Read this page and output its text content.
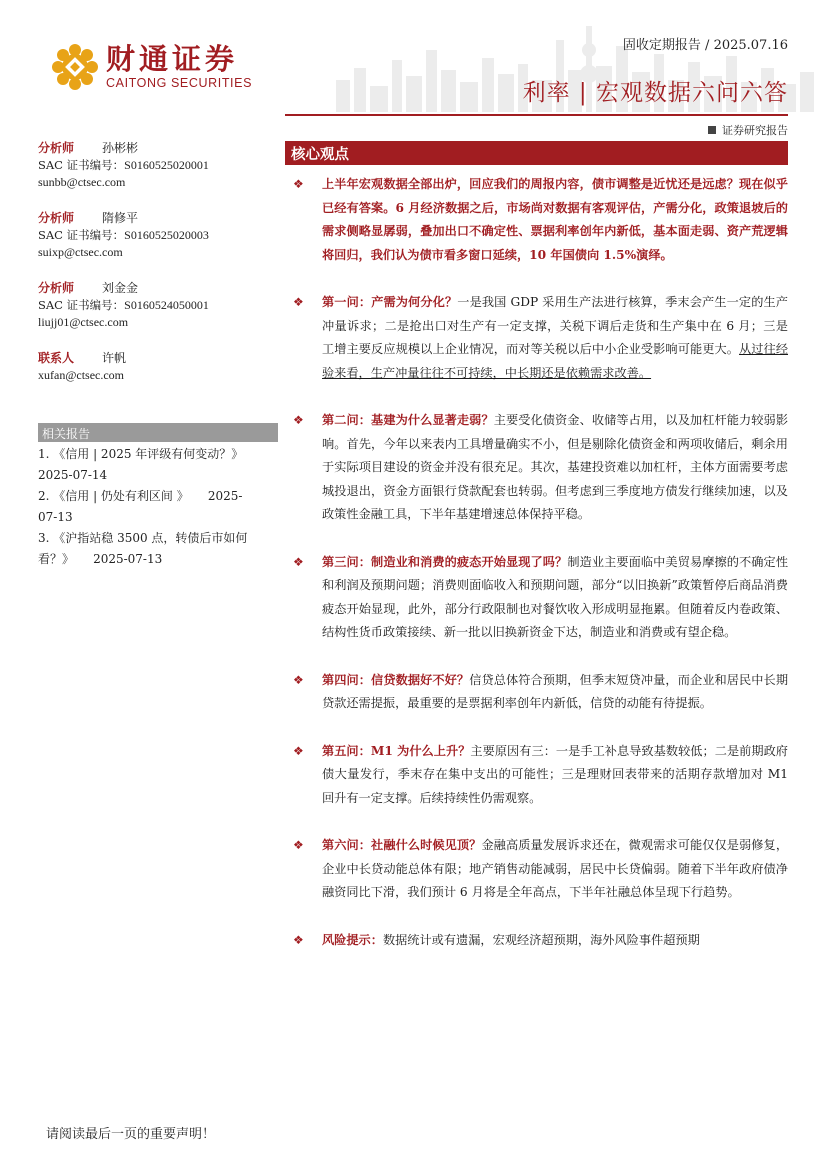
财通证券
CAITONG SECURITIES
固收定期报告 / 2025.07.16
利率 | 宏观数据六问六答
证券研究报告
分析师 孙彬彬
SAC 证书编号：S0160525020001
sunbb@ctsec.com
分析师 隋修平
SAC 证书编号：S0160525020003
suixp@ctsec.com
分析师 刘金金
SAC 证书编号：S0160524050001
liujj01@ctsec.com
联系人 许帆
xufan@ctsec.com
相关报告
1. 《信用 | 2025 年评级有何变动？》
2025-07-14
2. 《信用 | 仍处有利区间 》     2025-
07-13
3. 《沪指站稳 3500 点，转债后市如何
看？》     2025-07-13
核心观点
❖ 上半年宏观数据全部出炉，回应我们的周报内容，债市调整是近忧还是远虑？现在似乎已经有答案。6 月经济数据之后，市场尚对数据有客观评估，产需分化，政策退坡后的需求侧略显孱弱，叠加出口不确定性、票据利率创年内新低，基本面走弱、资产荒逻辑将回归，我们认为债市看多窗口延续，10 年国债向 1.5%演绎。
❖ 第一问：产需为何分化？一是我国 GDP 采用生产法进行核算，季末会产生一定的生产冲量诉求；二是抢出口对生产有一定支撑，关税下调后走货和生产集中在 6 月；三是工增主要反应规模以上企业情况，而对等关税以后中小企业受影响可能更大。从过往经验来看，生产冲量往往不可持续，中长期还是依赖需求改善。
❖ 第二问：基建为什么显著走弱？主要受化债资金、收储等占用，以及加杠杆能力较弱影响。首先，今年以来表内工具增量确实不小，但是剔除化债资金和两项收储后，剩余用于实际项目建设的资金并没有很充足。其次，基建投资难以加杠杆，主体方面需要考虑城投退出，资金方面银行贷款配套也转弱。但考虑到三季度地方债发行继续加速，以及政策性金融工具，下半年基建增速总体保持平稳。
❖ 第三问：制造业和消费的疲态开始显现了吗？制造业主要面临中美贸易摩擦的不确定性和利润及预期问题；消费则面临收入和预期问题，部分“以旧换新”政策暂停后商品消费疲态开始显现，此外，部分行政限制也对餐饮收入形成明显拖累。但随着反内卷政策、结构性货币政策接续、新一批以旧换新资金下达，制造业和消费或有望企稳。
❖ 第四问：信贷数据好不好？信贷总体符合预期，但季末短贷冲量，而企业和居民中长期贷款还需提振，最重要的是票据利率创年内新低，信贷的动能有待提振。
❖ 第五问：M1 为什么上升？主要原因有三：一是手工补息导致基数较低；二是前期政府债大量发行，季末存在集中支出的可能性；三是理财回表带来的活期存款增加对 M1 回升有一定支撑。后续持续性仍需观察。
❖ 第六问：社融什么时候见顶？金融高质量发展诉求还在，微观需求可能仅仅是弱修复，企业中长贷动能总体有限；地产销售动能减弱，居民中长贷偏弱。随着下半年政府债净融资同比下滑，我们预计 6 月将是全年高点，下半年社融总体呈现下行趋势。
❖ 风险提示：数据统计或有遗漏，宏观经济超预期，海外风险事件超预期
请阅读最后一页的重要声明！
